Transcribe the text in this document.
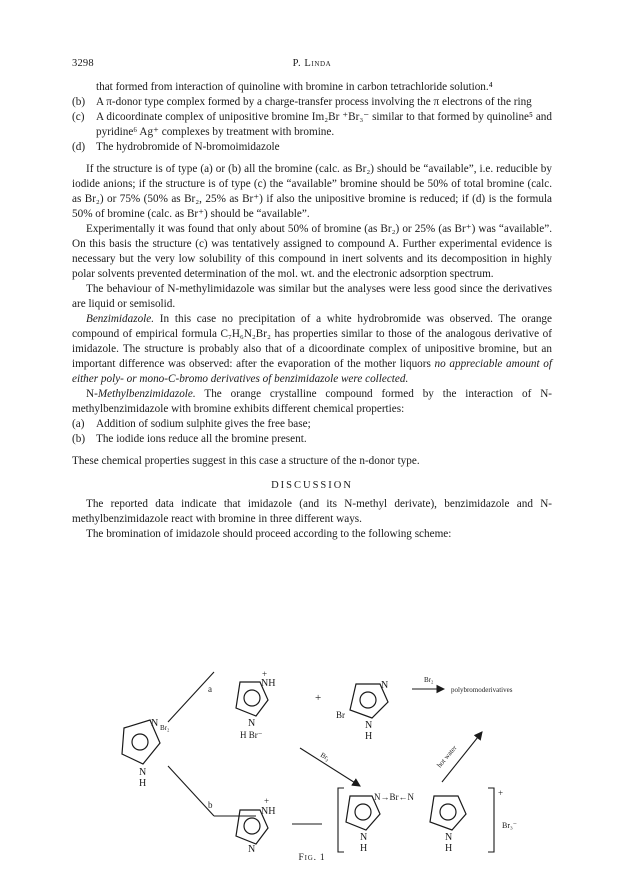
3298	P. Linda

that formed from interaction of quinoline with bromine in carbon tetrachloride solution.⁴

(b) A π-donor type complex formed by a charge-transfer process involving the π electrons of the ring
(c)	A dicoordinate complex of unipositive bromine Im₂Br ⁺Br₃⁻ similar to that formed by quinoline⁵ and pyridine⁶ Ag⁺ complexes by treatment with bromine.
(d) The hydrobromide of N-bromoimidazole

If the structure is of type (a) or (b) all the bromine (calc. as Br₂) should be “available”, i.e. reducible by iodide anions; if the structure is of type (c) the “available” bromine should be 50% of total bromine (calc. as Br₂) or 75% (50% as Br₂, 25% as Br⁺) if also the unipositive bromine is reduced; if (d) is the formula 50% of bromine (calc. as Br⁺) should be “available”.

Experimentally it was found that only about 50% of bromine (as Br₂) or 25% (as Br⁺) was “available”. On this basis the structure (c) was tentatively assigned to compound A. Further experimental evidence is necessary but the very low solubility of this compound in inert solvents and its decomposition in highly polar solvents prevented determination of the mol. wt. and the electronic adsorption spectrum.

The behaviour of N-methylimidazole was similar but the analyses were less good since the derivatives are liquid or semisolid.

Benzimidazole. In this case no precipitation of a white hydrobromide was observed. The orange compound of empirical formula C₇H₆N₂Br₂ has properties similar to those of the analogous derivative of imidazole. The structure is probably also that of a dicoordinate complex of unipositive bromine, but an important difference was observed: after the evaporation of the mother liquors no appreciable amount of either poly- or mono-C-bromo derivatives of benzimidazole were collected.

N-Methylbenzimidazole. The orange crystalline compound formed by the interaction of N-methylbenzimidazole with bromine exhibits different chemical properties:

(a)	Addition of sodium sulphite gives the free base;
(b) The iodide ions reduce all the bromine present.

These chemical properties suggest in this case a structure of the n-donor type.

DISCUSSION

The reported data indicate that imidazole (and its N-methyl derivate), benzimidazole and N-methylbenzimidazole react with bromine in three different ways.

The bromination of imidazole should proceed according to the following scheme:

N Br₂
N
H
a
b
+
NH
N
H Br⁻
+
N
Br
N
H
Br₂
polybromoderivatives
Br₂	hot water
+
NH
N
+
N→Br←N
N
H
N
H
Br₃⁻
Fig. 1
